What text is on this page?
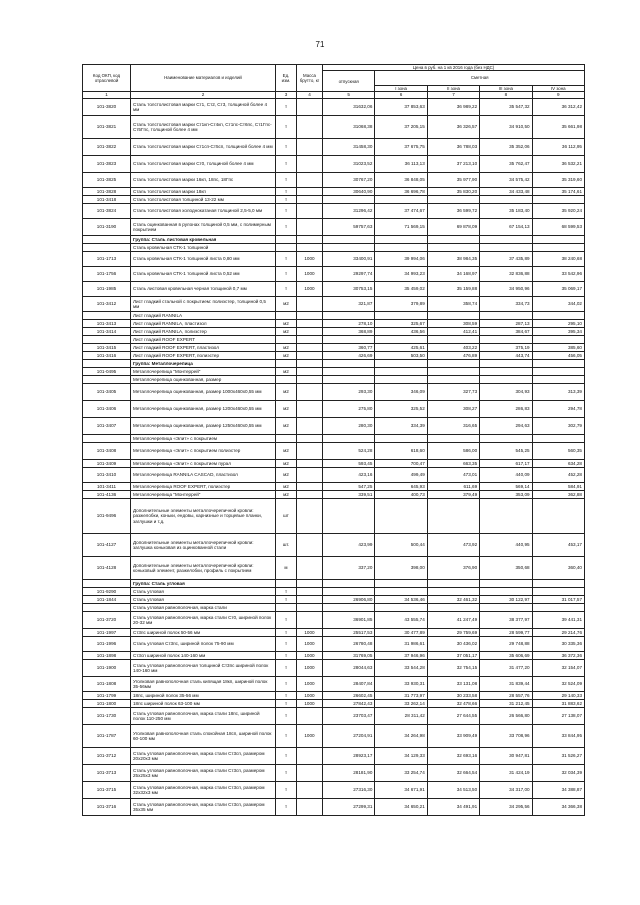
71
Код ОКП, код отраслевой	Наименование материалов и изделий	Ед. изм.	Масса брутто, кг	Цена в руб. на 1 кв 2016 года (без НДС)				
				отпускная	Сметная			
					I зона	II зона	III зона	IV зона
1	2	3	4	5	6	7	8	9
101-3820	Сталь толстолистовая марки Ст1, Ст2, Ст3, толщиной более 4 мм	т		31632,06	37 853,63	36 989,22	35 547,32	36 312,42
101-3821	Сталь толстолистовая марки Ст1кп-Ст4кп, Ст1пс-Ст6пс, Ст1Гпс-Ст5Гпс, толщиной более 4 мм	т		31068,38	37 205,15	36 326,57	34 910,50	35 661,98
101-3822	Сталь толстолистовая марки Ст1сп-Ст5сп, толщиной более 4 мм	т		31458,30	37 675,75	36 788,03	35 352,06	36 112,95
101-3823	Сталь толстолистовая марки Ст0, толщиной более 4 мм	т		31023,52	36 113,13	37 213,10	35 762,47	36 532,21
101-3825	Сталь толстолистовая марки 16кп, 18пс, 18Гпс	т		30767,20	36 848,05	35 977,90	34 575,42	35 319,60
101-3828	Сталь толстолистовая марки 18кп	т		30640,90	36 696,78	35 830,20	34 433,48	35 174,61
101-3418	Сталь толстолистовая толщиной 13-22 мм	т						
101-3824	Сталь толстолистовая холоднокатаная толщиной 2,5-5,0 мм	т		31296,42	37 474,67	36 599,72	35 183,40	35 920,24
101-3190	Сталь оцинкованная в рулонах толщиной 0,5 мм, с полимерным покрытием	т		59757,63	71 569,15	69 878,09	67 154,13	68 599,53
	Группа: Сталь листовая кровельная							
	Сталь кровельная СТК-1 толщиной							
101-1713	Сталь кровельная СТК-1 толщиной листа 0,80 мм	т	1000	33400,91	39 994,06	38 984,35	37 435,89	38 240,68
101-1756	Сталь кровельная СТК-1 толщиной листа 0,52 мм	т	1000	29297,74	34 993,23	34 168,97	32 836,88	33 542,96
101-1985	Сталь листовая кровельная черная толщиной 0,7 мм	т	1000	30753,15	35 459,02	35 159,88	34 950,96	35 069,17
101-3412	Лист гладкий стальной с покрытием: полиэстер, толщиной 0,5 мм	м2		321,87	379,89	358,74	334,73	344,02
	Лист гладкий RANNILA							
101-3413	Лист гладкий RANNILA, пластизол	м2		278,10	325,67	308,59	287,13	295,10
101-3414	Лист гладкий RANNILA, полиэстер	м2		368,89	436,56	412,41	384,67	395,34
	Лист гладкий ROOF EXPERT							
101-3415	Лист гладкий ROOF EXPERT, пластизол	м2		360,77	425,61	403,22	375,19	385,60
101-3416	Лист гладкий ROOF EXPERT, полиэстер	м2		426,69	503,50	476,89	443,74	456,05
	Группа: Металлочерепица							
101-0495	Металлочерепица "Монтеррей"	м2						
	Металлочерепица оцинкованная, размер							
101-3405	Металлочерепица оцинкованная, размер 1000x460x0,55 мм	м2		293,30	346,09	327,73	304,93	313,39
101-3406	Металлочерепица оцинкованная, размер 1200x460x0,55 мм	м2		275,80	325,52	308,27	286,83	294,78
101-3407	Металлочерепица оцинкованная, размер 1250x460x0,55 мм	м2		280,30	334,39	316,65	294,63	302,79
	Металлочерепица «Элит» с покрытием							
101-3408	Металлочерепица «Элит» с покрытием полиэстер	м2		524,28	618,60	586,00	545,25	560,35
101-3409	Металлочерепица «Элит» с покрытием пурал	м2		593,45	700,47	663,35	617,17	634,28
101-3410	Металлочерепица RANNILA CASCAD, пластизол	м2		423,16	499,49	473,01	440,09	452,28
101-3411	Металлочерепица ROOF EXPERT, полиэстер	м2		547,25	645,93	611,69	569,14	584,91
101-4136	Металлочерепица "Монтеррей"	м2		339,51	400,73	379,49	353,09	362,88
101-9496	Дополнительные элементы металлочерепичной кровли: разжелобки, коньки, ендовы, карнизные и торцевые планки, заглушки и т.д.	шт						
101-4127	Дополнительные элементы металлочерепичной кровли: заглушка коньковая из оцинкованной стали	шт.		423,99	500,44	473,92	440,95	453,17
101-4128	Дополнительные элементы металлочерепичной кровли: коньковый элемент, разжелобки, профиль с покрытием	м		337,20	398,00	376,90	350,68	360,40
	Группа: Сталь угловая							
101-9290	Сталь угловая	т						
101-1844	Сталь угловая	т		26906,80	34 536,46	32 461,32	30 122,97	31 017,57
	Сталь угловая равнополочная, марка стали							
101-3720	Сталь угловая равнополочная, марка стали Ст0, шириной полок 20-32 мм	т		36901,85	43 555,74	41 247,49	38 377,97	39 441,31
101-1997	Ст3пс шириной полок 50-56 мм	т	1000	25517,53	30 477,89	29 759,69	28 599,77	29 214,76
101-1996	Сталь угловая Ст3пс, шириной полок 75-90 мм	т	1000	26780,48	31 986,61	30 436,02	29 748,88	30 335,36
101-1898	Ст3сп шириной полок 140-160 мм	т	1000	31769,05	37 946,96	37 051,17	35 606,69	36 372,36
101-1900	Сталь угловая равнополочная толщиной Ст3пс шириной полок 140-160 мм	т	1000	28044,63	33 544,28	32 754,15	31 477,20	32 154,07
101-1808	Уголковая равнополочная сталь кипящая 18кп, шириной полок 35-56мм	т	1000	28407,84	33 930,31	33 131,08	31 839,44	32 524,09
101-1799	18пс, шириной полок 35-56 мм	т	1000	26602,45	31 773,97	30 233,58	28 557,76	29 140,33
101-1800	18пс шириной полок 63-100 мм	т	1000	27842,43	33 262,14	32 478,66	31 212,45	31 883,62
101-1730	Сталь угловая равнополочная, марка стали 18пс, шириной полок 110-250 мм	т		23703,47	28 311,42	27 644,55	26 566,80	27 138,07
101-1787	Уголковая равнополочная сталь спокойная 18сп, шириной полок 60-100 мм	т	1000	27204,91	34 264,98	33 909,49	33 708,96	33 844,95
101-3712	Сталь угловая равнополочная, марка стали Ст3сп, размером 20x20x3 мм	т		28923,17	34 129,33	32 693,16	30 947,81	31 526,27
101-3713	Сталь угловая равнополочная, марка стали Ст3сп, размером 25x25x3 мм	т		28181,90	33 254,74	32 664,54	31 424,19	32 034,39
101-3715	Сталь угловая равнополочная, марка стали Ст3сп, размером 32x32x3 мм	т		27316,30	34 671,91	34 513,50	34 317,00	34 388,87
101-3716	Сталь угловая равнополочная, марка стали Ст3сп, размером 35x35 мм	т		27299,31	34 650,21	34 491,91	34 295,56	34 366,38
